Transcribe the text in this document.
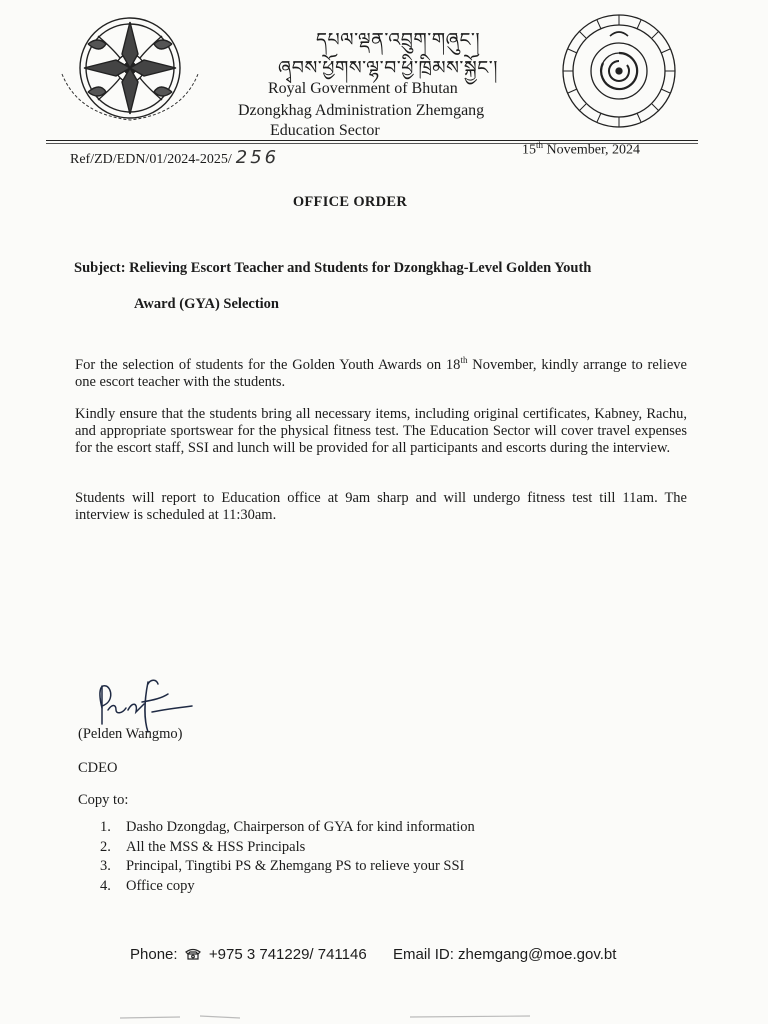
དཔལ་ལྡན་འབྲུག་གཞུང་།
ཞྭབས་ཕྱོགས་ལྷ་བ་ཕྱི་ཁྲིམས་སྐྱོང་།
Royal Government of Bhutan
Dzongkhag Administration Zhemgang
Education Sector
Ref/ZD/EDN/01/2024-2025/ 256	15th November, 2024
OFFICE ORDER
Subject: Relieving Escort Teacher and Students for Dzongkhag-Level Golden Youth
Award (GYA) Selection
For the selection of students for the Golden Youth Awards on 18th November, kindly arrange to relieve one escort teacher with the students.
Kindly ensure that the students bring all necessary items, including original certificates, Kabney, Rachu, and appropriate sportswear for the physical fitness test. The Education Sector will cover travel expenses for the escort staff, SSI and lunch will be provided for all participants and escorts during the interview.
Students will report to Education office at 9am sharp and will undergo fitness test till 11am. The interview is scheduled at 11:30am.
(Pelden Wangmo)
CDEO
Copy to:
1.	Dasho Dzongdag, Chairperson of GYA for kind information
2.	All the MSS & HSS Principals
3.	Principal, Tingtibi PS & Zhemgang PS to relieve your SSI
4.	Office copy
Phone: +975 3 741229/ 741146 Email ID: zhemgang@moe.gov.bt
